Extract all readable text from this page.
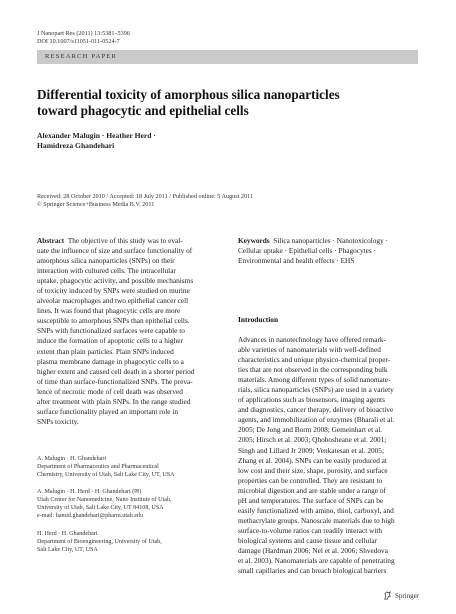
J Nanopart Res (2011) 13:5381–5396
DOI 10.1007/s11051-011-0524-7
RESEARCH PAPER
Differential toxicity of amorphous silica nanoparticles
toward phagocytic and epithelial cells
Alexander Malugin · Heather Herd ·
Hamidreza Ghandehari
Received: 28 October 2010 / Accepted: 18 July 2011 / Published online: 5 August 2011
© Springer Science+Business Media B.V. 2011
Abstract The objective of this study was to eval-
uate the influence of size and surface functionality of
amorphous silica nanoparticles (SNPs) on their
interaction with cultured cells. The intracellular
uptake, phagocytic activity, and possible mechanisms
of toxicity induced by SNPs were studied on murine
alveolar macrophages and two epithelial cancer cell
lines. It was found that phagocytic cells are more
susceptible to amorphous SNPs than epithelial cells.
SNPs with functionalized surfaces were capable to
induce the formation of apoptotic cells to a higher
extent than plain particles. Plain SNPs induced
plasma membrane damage in phagocytic cells to a
higher extent and caused cell death in a shorter period
of time than surface-functionalized SNPs. The preva-
lence of necrotic mode of cell death was observed
after treatment with plain SNPs. In the range studied
surface functionality played an important role in
SNPs toxicity.
A. Malugin · H. Ghandehari
Department of Pharmaceutics and Pharmaceutical
Chemistry, University of Utah, Salt Lake City, UT, USA
A. Malugin · H. Herd · H. Ghandehari (✉)
Utah Center for Nanomedicine, Nano Institute of Utah,
University of Utah, Salt Lake City, UT 84108, USA
e-mail: hamid.ghandehari@pharm.utah.edu
H. Herd · H. Ghandehari
Department of Bioengineering, University of Utah,
Salt Lake City, UT, USA
Keywords Silica nanoparticles · Nanotoxicology ·
Cellular uptake · Epithelial cells · Phagocytes ·
Environmental and health effects · EHS
Introduction
Advances in nanotechnology have offered remark-
able varieties of nanomaterials with well-defined
characteristics and unique physico-chemical proper-
ties that are not observed in the corresponding bulk
materials. Among different types of solid nanomate-
rials, silica nanoparticles (SNPs) are used in a variety
of applications such as biosensors, imaging agents
and diagnostics, cancer therapy, delivery of bioactive
agents, and immobilization of enzymes (Bharali et al.
2005; De Jong and Borm 2008; Gemeinhart et al.
2005; Hirsch et al. 2003; Qhobosheane et al. 2001;
Singh and Lillard Jr 2009; Venkatesan et al. 2005;
Zhang et al. 2004). SNPs can be easily produced at
low cost and their size, shape, porosity, and surface
properties can be controlled. They are resistant to
microbial digestion and are stable under a range of
pH and temperatures. The surface of SNPs can be
easily functionalized with amino, thiol, carboxyl, and
methacrylate groups. Nanoscale materials due to high
surface-to-volume ratios can readily interact with
biological systems and cause tissue and cellular
damage (Hardman 2006; Nel et al. 2006; Shvedova
et al. 2003). Nanomaterials are capable of penetrating
small capillaries and can breach biological barriers
Springer
